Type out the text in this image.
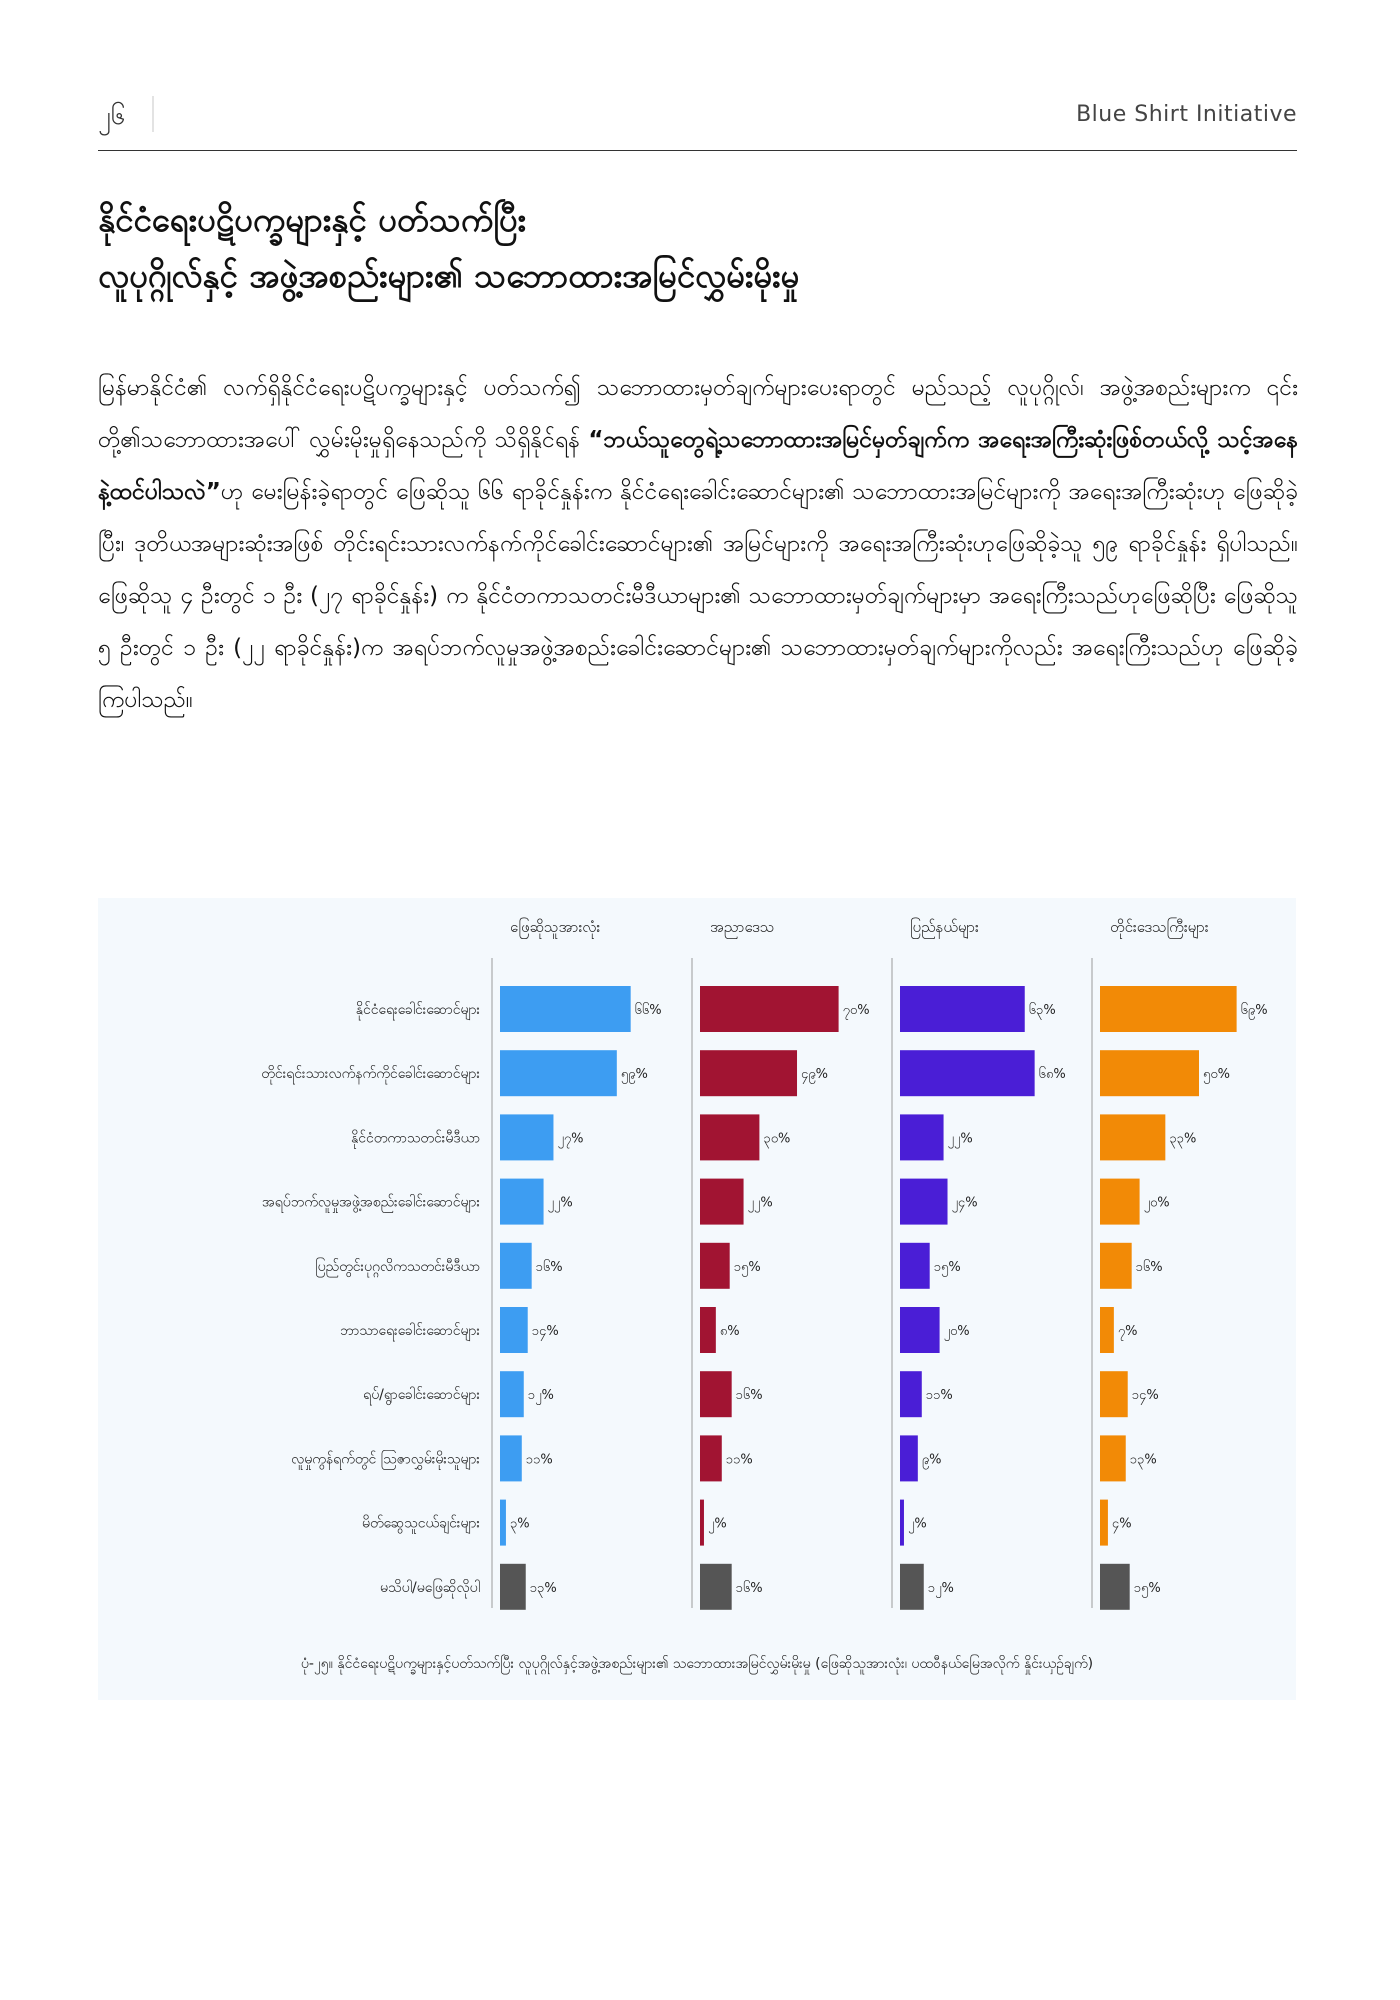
၂၆	Blue Shirt Initiative
နိုင်ငံရေးပဋိပက္ခများနှင့် ပတ်သက်ပြီး
လူပုဂ္ဂိုလ်နှင့် အဖွဲ့အစည်းများ၏ သဘောထားအမြင်လွှမ်းမိုးမှု
မြန်မာနိုင်ငံ၏ လက်ရှိနိုင်ငံရေးပဋိပက္ခများနှင့် ပတ်သက်၍ သဘောထားမှတ်ချက်များပေးရာတွင် မည်သည့် လူပုဂ္ဂိုလ်၊ အဖွဲ့အစည်းများက ၎င်းတို့၏သဘောထားအပေါ် လွှမ်းမိုးမှုရှိနေသည်ကို သိရှိနိုင်ရန် “ဘယ်သူတွေရဲ့သဘောထားအမြင်မှတ်ချက်က အရေးအကြီးဆုံးဖြစ်တယ်လို့ သင့်အနေနဲ့ထင်ပါသလဲ”ဟု မေးမြန်းခဲ့ရာတွင် ဖြေဆိုသူ ၆၆ ရာခိုင်နှုန်းက နိုင်ငံရေးခေါင်းဆောင်များ၏ သဘောထားအမြင်များကို အရေးအကြီးဆုံးဟု ဖြေဆိုခဲ့ပြီး၊ ဒုတိယအများဆုံးအဖြစ် တိုင်းရင်းသားလက်နက်ကိုင်ခေါင်းဆောင်များ၏ အမြင်များကို အရေးအကြီးဆုံးဟုဖြေဆိုခဲ့သူ ၅၉ ရာခိုင်နှုန်း ရှိပါသည်။ ဖြေဆိုသူ ၄ ဦးတွင် ၁ ဦး (၂၇ ရာခိုင်နှုန်း) က နိုင်ငံတကာသတင်းမီဒီယာများ၏ သဘောထားမှတ်ချက်များမှာ အရေးကြီးသည်ဟုဖြေဆိုပြီး ဖြေဆိုသူ ၅ ဦးတွင် ၁ ဦး (၂၂ ရာခိုင်နှုန်း)က အရပ်ဘက်လူမှုအဖွဲ့အစည်းခေါင်းဆောင်များ၏ သဘောထားမှတ်ချက်များကိုလည်း အရေးကြီးသည်ဟု ဖြေဆိုခဲ့ကြပါသည်။
ဖြေဆိုသူအားလုံး	အညာဒေသ	ပြည်နယ်များ	တိုင်းဒေသကြီးများ
နိုင်ငံရေးခေါင်းဆောင်များ	၆၆%	၇၀%	၆၃%	၆၉%
တိုင်းရင်းသားလက်နက်ကိုင်ခေါင်းဆောင်များ	၅၉%	၄၉%	၆၈%	၅၀%
နိုင်ငံတကာသတင်းမီဒီယာ	၂၇%	၃၀%	၂၂%	၃၃%
အရပ်ဘက်လူမှုအဖွဲ့အစည်းခေါင်းဆောင်များ	၂၂%	၂၂%	၂၄%	၂၀%
ပြည်တွင်းပုဂ္ဂလိကသတင်းမီဒီယာ	၁၆%	၁၅%	၁၅%	၁၆%
ဘာသာရေးခေါင်းဆောင်များ	၁၄%	၈%	၂၀%	၇%
ရပ်/ရွာခေါင်းဆောင်များ	၁၂%	၁၆%	၁၁%	၁၄%
လူမှုကွန်ရက်တွင် ဩဇာလွှမ်းမိုးသူများ	၁၁%	၁၁%	၉%	၁၃%
မိတ်ဆွေသူငယ်ချင်းများ ၃%	၂%	၂%	၄%
မသိပါ/မဖြေဆိုလိုပါ	၁၃%	၁၆%	၁၂%	၁၅%
ပုံ-၂၅။ နိုင်ငံရေးပဋိပက္ခများနှင့်ပတ်သက်ပြီး လူပုဂ္ဂိုလ်နှင့်အဖွဲ့အစည်းများ၏ သဘောထားအမြင်လွှမ်းမိုးမှု (ဖြေဆိုသူအားလုံး၊ ပထဝီနယ်မြေအလိုက် နှိုင်းယှဉ်ချက်)
